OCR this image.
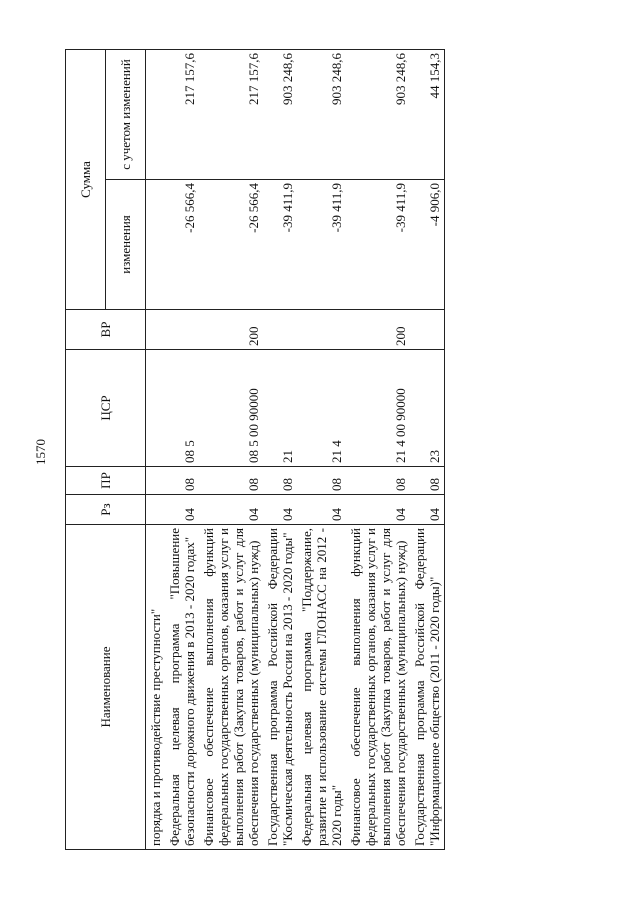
1570
Наименование	Рз	ПР	ЦСР	ВР	Сумма	
					изменения	с учетом изменений
порядка и противодействие преступности"						
Федеральная целевая программа "Повышение безопасности дорожного движения в 2013 - 2020 годах"	04	08	08 5		-26 566,4	217 157,6
Финансовое обеспечение выполнения функций федеральных государственных органов, оказания услуг и выполнения работ (Закупка товаров, работ и услуг для обеспечения государственных (муниципальных) нужд)	04	08	08 5 00 90000	200	-26 566,4	217 157,6
Государственная программа Российской Федерации "Космическая деятельность России на 2013 - 2020 годы"	04	08	21		-39 411,9	903 248,6
Федеральная целевая программа "Поддержание, развитие и использование системы ГЛОНАСС на 2012 - 2020 годы"	04	08	21 4		-39 411,9	903 248,6
Финансовое обеспечение выполнения функций федеральных государственных органов, оказания услуг и выполнения работ (Закупка товаров, работ и услуг для обеспечения государственных (муниципальных) нужд)	04	08	21 4 00 90000	200	-39 411,9	903 248,6
Государственная программа Российской Федерации "Информационное общество (2011 - 2020 годы)"	04	08	23		-4 906,0	44 154,3
